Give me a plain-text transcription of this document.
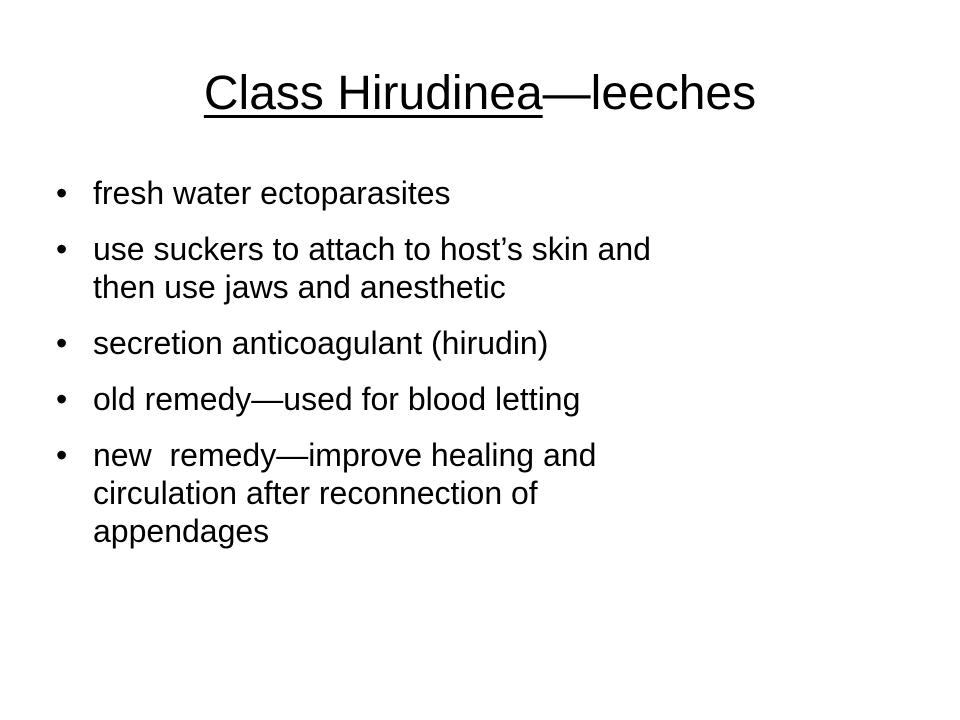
Class Hirudinea—leeches
• fresh water ectoparasites
• use suckers to attach to host’s skin and
then use jaws and anesthetic
• secretion anticoagulant (hirudin)
• old remedy—used for blood letting
• new  remedy—improve healing and
circulation after reconnection of
appendages
